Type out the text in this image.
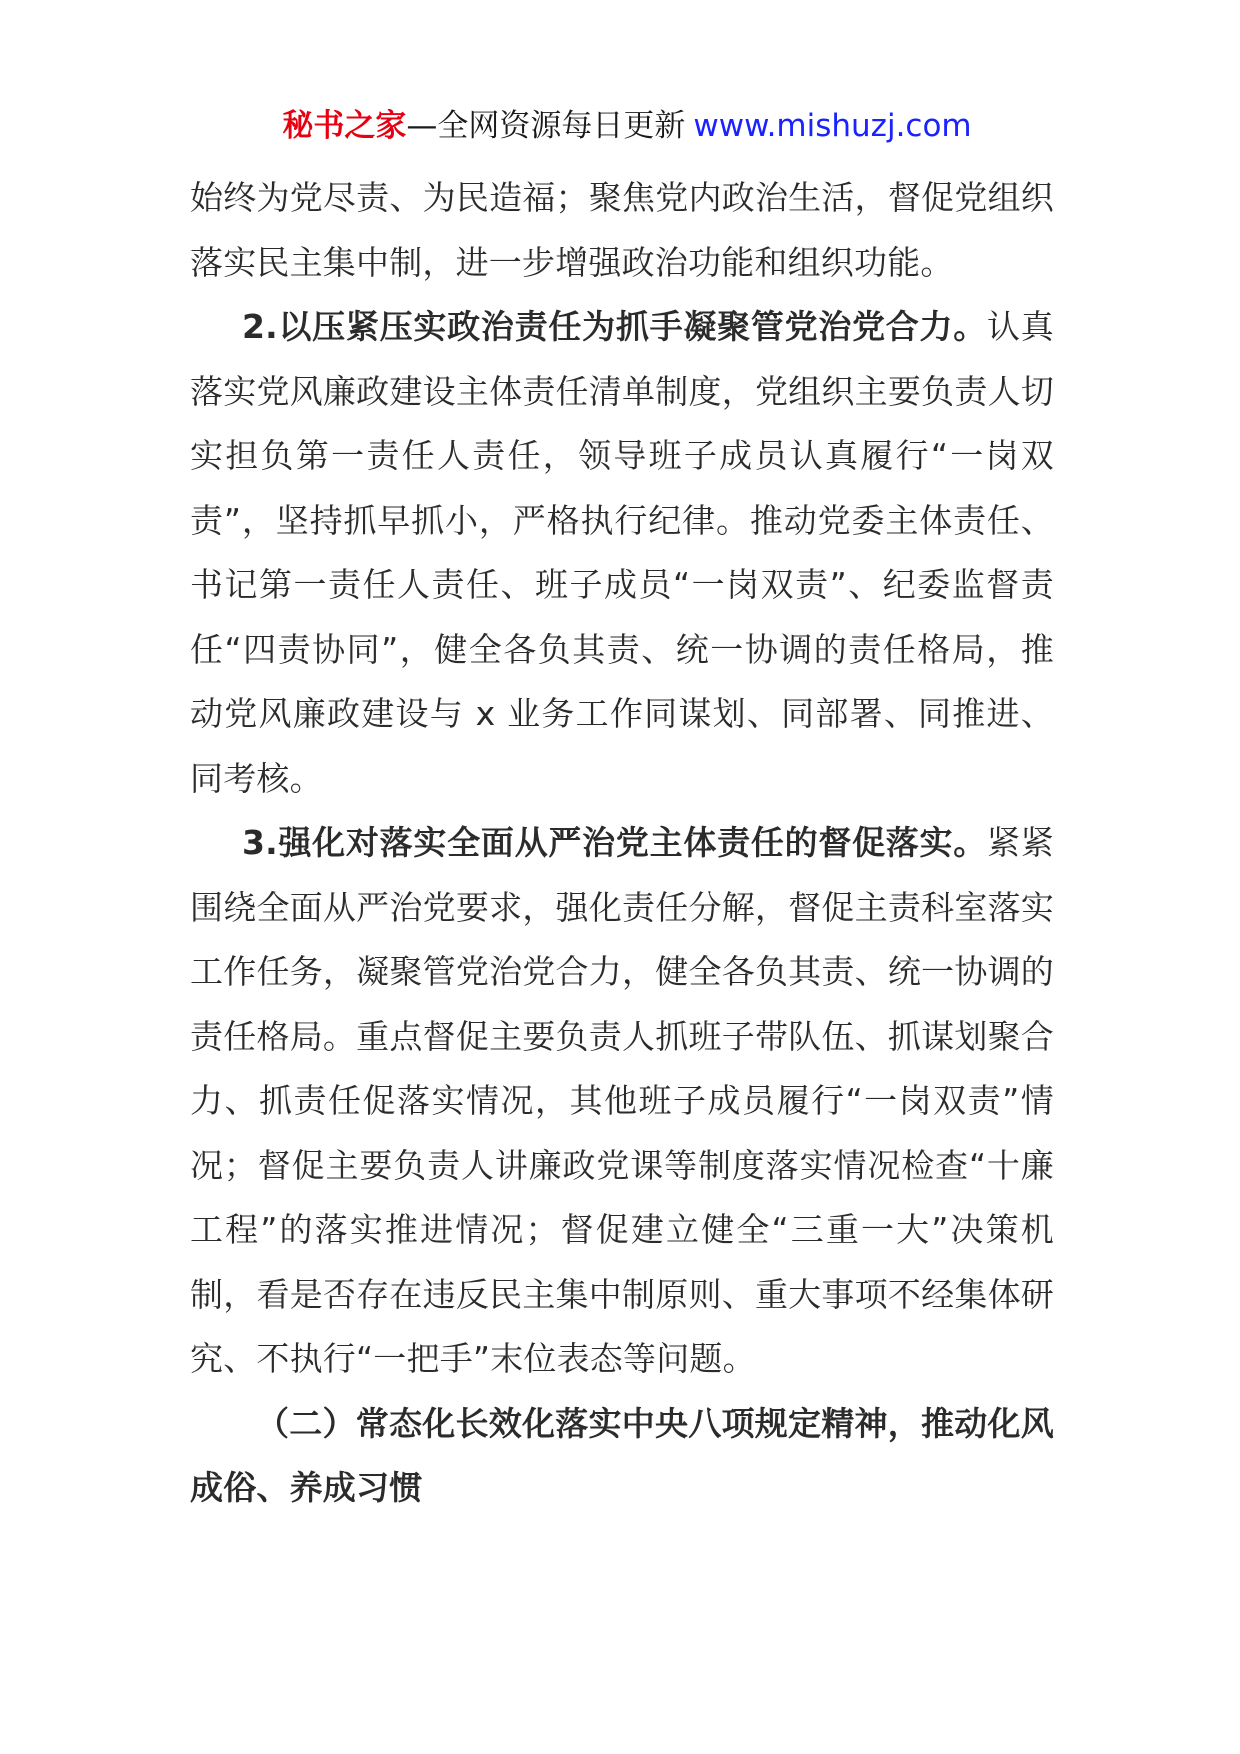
秘书之家—全网资源每日更新 www.mishuzj.com

始终为党尽责、为民造福；聚焦党内政治生活，督促党组织落实民主集中制，进一步增强政治功能和组织功能。

2.以压紧压实政治责任为抓手凝聚管党治党合力。认真落实党风廉政建设主体责任清单制度，党组织主要负责人切实担负第一责任人责任，领导班子成员认真履行“一岗双责”，坚持抓早抓小，严格执行纪律。推动党委主体责任、书记第一责任人责任、班子成员“一岗双责”、纪委监督责任“四责协同”，健全各负其责、统一协调的责任格局，推动党风廉政建设与 x 业务工作同谋划、同部署、同推进、同考核。

3.强化对落实全面从严治党主体责任的督促落实。紧紧围绕全面从严治党要求，强化责任分解，督促主责科室落实工作任务，凝聚管党治党合力，健全各负其责、统一协调的责任格局。重点督促主要负责人抓班子带队伍、抓谋划聚合力、抓责任促落实情况，其他班子成员履行“一岗双责”情况；督促主要负责人讲廉政党课等制度落实情况检查“十廉工程”的落实推进情况；督促建立健全“三重一大”决策机制，看是否存在违反民主集中制原则、重大事项不经集体研究、不执行“一把手”末位表态等问题。

（二）常态化长效化落实中央八项规定精神，推动化风成俗、养成习惯
